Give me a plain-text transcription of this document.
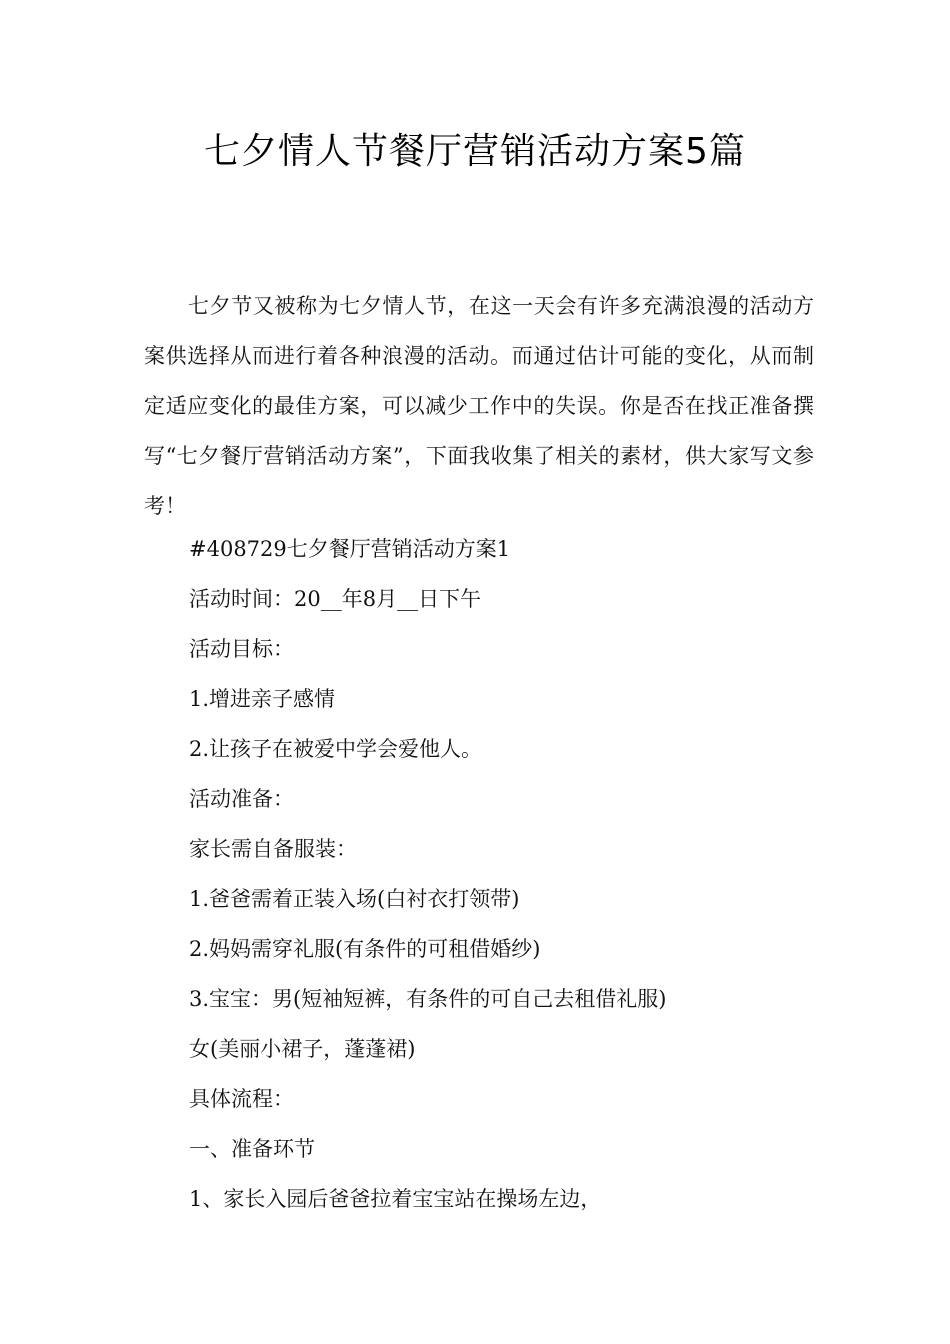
七夕情人节餐厅营销活动方案5篇

七夕节又被称为七夕情人节，在这一天会有许多充满浪漫的活动方案供选择从而进行着各种浪漫的活动。而通过估计可能的变化，从而制定适应变化的最佳方案，可以减少工作中的失误。你是否在找正准备撰写“七夕餐厅营销活动方案”，下面我收集了相关的素材，供大家写文参考！

#408729七夕餐厅营销活动方案1
活动时间：20__年8月__日下午
活动目标：
1.增进亲子感情
2.让孩子在被爱中学会爱他人。
活动准备：
家长需自备服装：
1.爸爸需着正装入场(白衬衣打领带)
2.妈妈需穿礼服(有条件的可租借婚纱)
3.宝宝：男(短袖短裤，有条件的可自己去租借礼服)
女(美丽小裙子，蓬蓬裙)
具体流程：
一、准备环节
1、家长入园后爸爸拉着宝宝站在操场左边，
